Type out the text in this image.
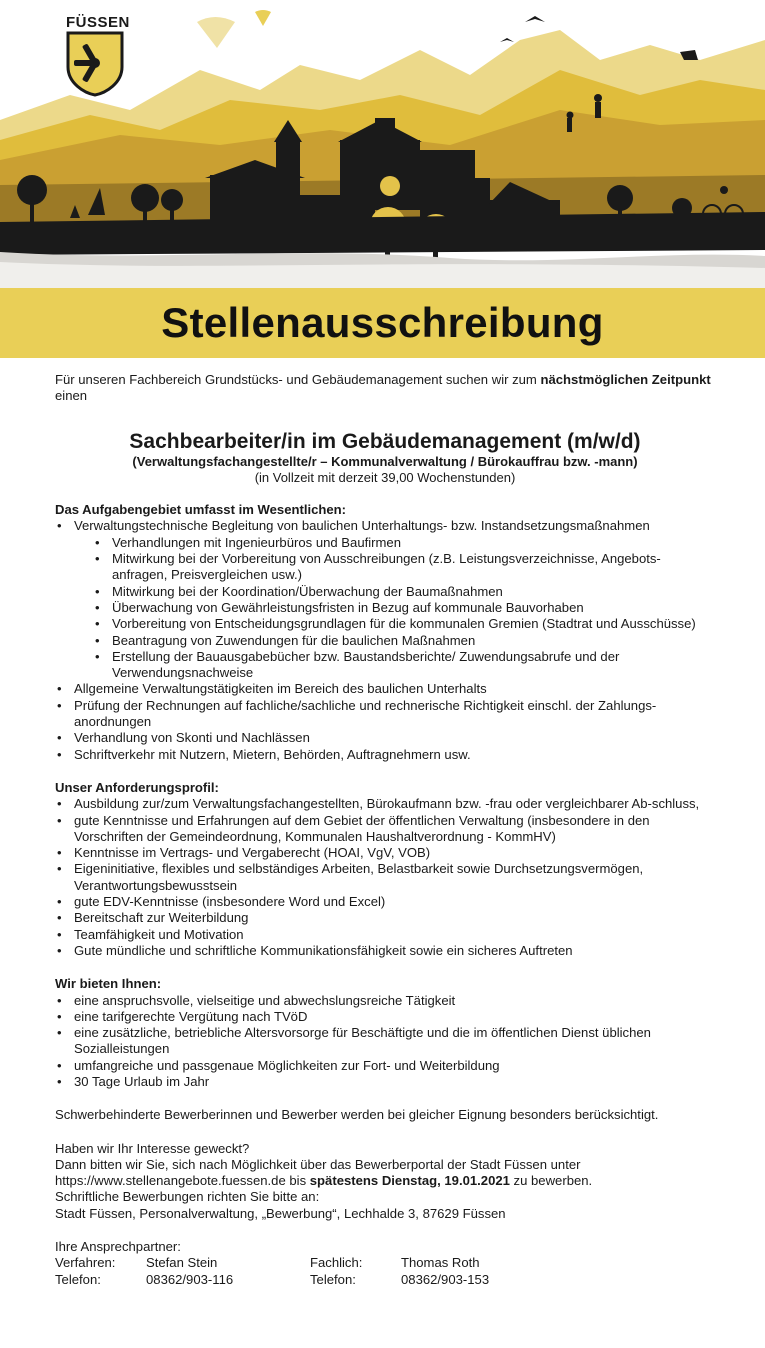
FÜSSEN
Stellenausschreibung

Für unseren Fachbereich Grundstücks- und Gebäudemanagement suchen wir zum nächstmöglichen Zeitpunkt einen

Sachbearbeiter/in im Gebäudemanagement (m/w/d)
(Verwaltungsfachangestellte/r – Kommunalverwaltung / Bürokauffrau bzw. -mann)
(in Vollzeit mit derzeit 39,00 Wochenstunden)
Das Aufgabengebiet umfasst im Wesentlichen:
• Verwaltungstechnische Begleitung von baulichen Unterhaltungs- bzw. Instandsetzungsmaßnahmen
• Verhandlungen mit Ingenieurbüros und Baufirmen
• Mitwirkung bei der Vorbereitung von Ausschreibungen (z.B. Leistungsverzeichnisse, Angebots-anfragen, Preisvergleichen usw.)
• Mitwirkung bei der Koordination/Überwachung der Baumaßnahmen
• Überwachung von Gewährleistungsfristen in Bezug auf kommunale Bauvorhaben
• Vorbereitung von Entscheidungsgrundlagen für die kommunalen Gremien (Stadtrat und Ausschüsse)
• Beantragung von Zuwendungen für die baulichen Maßnahmen
• Erstellung der Bauausgabebücher bzw. Baustandsberichte/ Zuwendungsabrufe und der Verwendungsnachweise
• Allgemeine Verwaltungstätigkeiten im Bereich des baulichen Unterhalts
• Prüfung der Rechnungen auf fachliche/sachliche und rechnerische Richtigkeit einschl. der Zahlungs-anordnungen
• Verhandlung von Skonti und Nachlässen
• Schriftverkehr mit Nutzern, Mietern, Behörden, Auftragnehmern usw.
Unser Anforderungsprofil:
• Ausbildung zur/zum Verwaltungsfachangestellten, Bürokaufmann bzw. -frau oder vergleichbarer Ab-schluss,
• gute Kenntnisse und Erfahrungen auf dem Gebiet der öffentlichen Verwaltung (insbesondere in den Vorschriften der Gemeindeordnung, Kommunalen Haushaltverordnung - KommHV)
• Kenntnisse im Vertrags- und Vergaberecht (HOAI, VgV, VOB)
• Eigeninitiative, flexibles und selbständiges Arbeiten, Belastbarkeit sowie Durchsetzungsvermögen, Verantwortungsbewusstsein
• gute EDV-Kenntnisse (insbesondere Word und Excel)
• Bereitschaft zur Weiterbildung
• Teamfähigkeit und Motivation
• Gute mündliche und schriftliche Kommunikationsfähigkeit sowie ein sicheres Auftreten
Wir bieten Ihnen:
• eine anspruchsvolle, vielseitige und abwechslungsreiche Tätigkeit
• eine tarifgerechte Vergütung nach TVöD
• eine zusätzliche, betriebliche Altersvorsorge für Beschäftigte und die im öffentlichen Dienst üblichen Sozialleistungen
• umfangreiche und passgenaue Möglichkeiten zur Fort- und Weiterbildung
• 30 Tage Urlaub im Jahr

Schwerbehinderte Bewerberinnen und Bewerber werden bei gleicher Eignung besonders berücksichtigt.

Haben wir Ihr Interesse geweckt?

Dann bitten wir Sie, sich nach Möglichkeit über das Bewerberportal der Stadt Füssen unter

https://www.stellenangebote.fuessen.de bis spätestens Dienstag, 19.01.2021 zu bewerben.

Schriftliche Bewerbungen richten Sie bitte an:

Stadt Füssen, Personalverwaltung, „Bewerbung“, Lechhalde 3, 87629 Füssen

Ihre Ansprechpartner:

Verfahren:	Stefan Stein	Fachlich:	Thomas Roth
Telefon:	08362/903-116	Telefon:	08362/903-153
